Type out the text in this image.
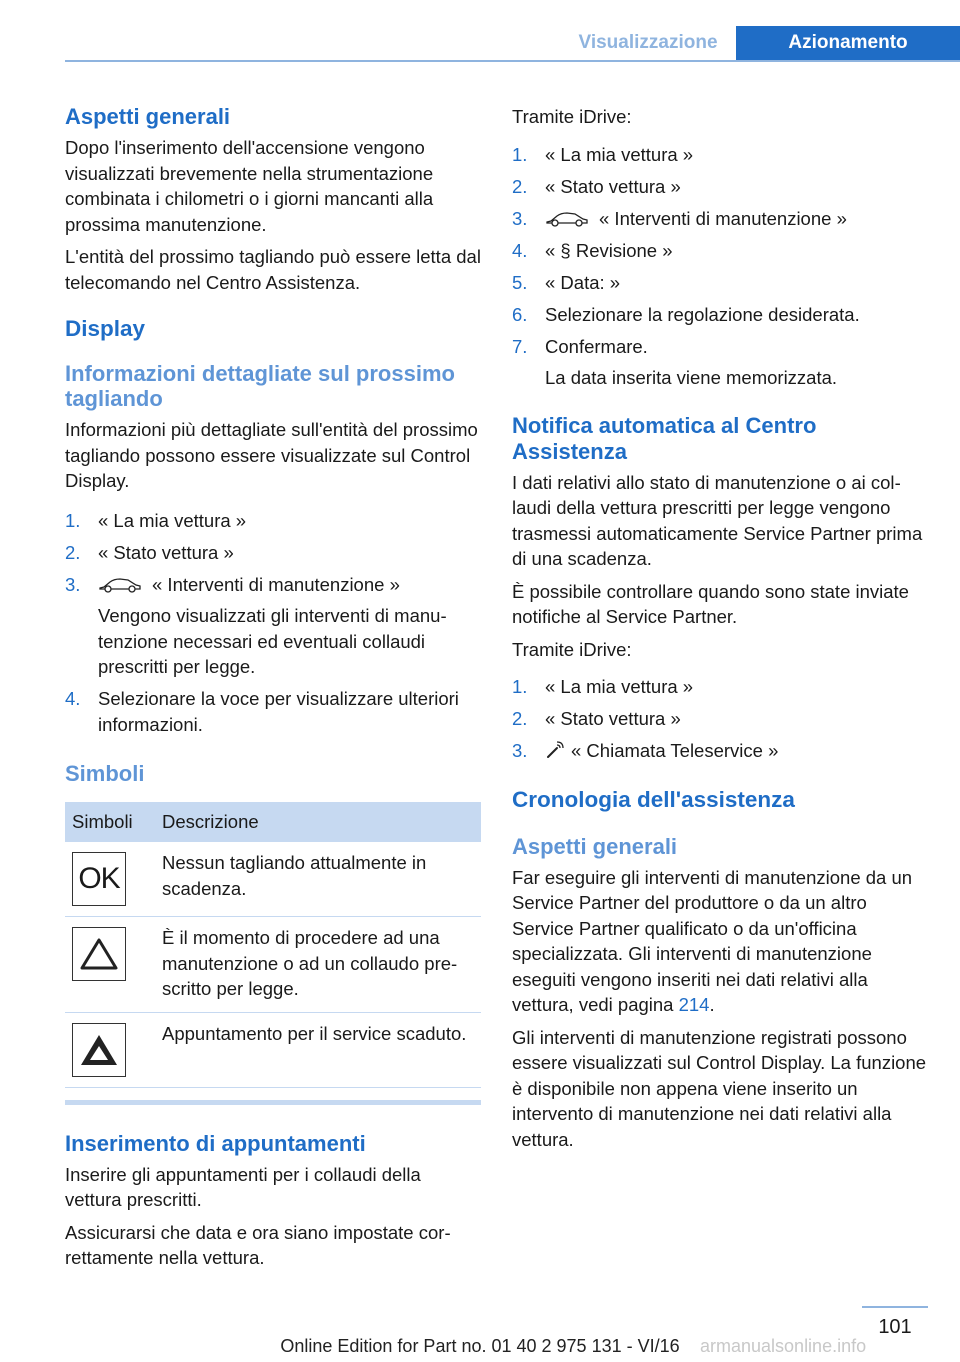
Visualizzazione	Azionamento
Aspetti generali

Dopo l'inserimento dell'accensione vengono visualizzati brevemente nella strumentazione combinata i chilometri o i giorni mancanti alla prossima manutenzione.

L'entità del prossimo tagliando può essere letta dal telecomando nel Centro Assistenza.

Display
Informazioni dettagliate sul prossimo tagliando

Informazioni più dettagliate sull'entità del prossimo tagliando possono essere visualizzate sul Control Display.

1. « La mia vettura »
2. « Stato vettura »
3.	« Interventi di manutenzione »
Vengono visualizzati gli interventi di manutenzione necessari ed eventuali collaudi prescritti per legge.
4. Selezionare la voce per visualizzare ulteriori informazioni.
Simboli
Simboli	Descrizione

OK	Nessun tagliando attualmente in scadenza.

	È il momento di procedere ad una manutenzione o ad un collaudo prescritto per legge.

	Appuntamento per il service scaduto.
Inserimento di appuntamenti

Inserire gli appuntamenti per i collaudi della vettura prescritti.

Assicurarsi che data e ora siano impostate correttamente nella vettura.

Tramite iDrive:

1. « La mia vettura »
2. « Stato vettura »
3.	« Interventi di manutenzione »
4. « § Revisione »
5. « Data: »
6. Selezionare la regolazione desiderata.
7. Confermare.
La data inserita viene memorizzata.
Notifica automatica al Centro Assistenza

I dati relativi allo stato di manutenzione o ai collaudi della vettura prescritti per legge vengono trasmessi automaticamente Service Partner prima di una scadenza.

È possibile controllare quando sono state inviate notifiche al Service Partner.

Tramite iDrive:

1. « La mia vettura »
2. « Stato vettura »
3.	« Chiamata Teleservice »
Cronologia dell'assistenza
Aspetti generali

Far eseguire gli interventi di manutenzione da un Service Partner del produttore o da un altro Service Partner qualificato o da un'officina specializzata. Gli interventi di manutenzione eseguiti vengono inseriti nei dati relativi alla vettura, vedi pagina 214.

Gli interventi di manutenzione registrati possono essere visualizzati sul Control Display. La funzione è disponibile non appena viene inserito un intervento di manutenzione nei dati relativi alla vettura.

101
Online Edition for Part no. 01 40 2 975 131 - VI/16	armanualsonline.info
